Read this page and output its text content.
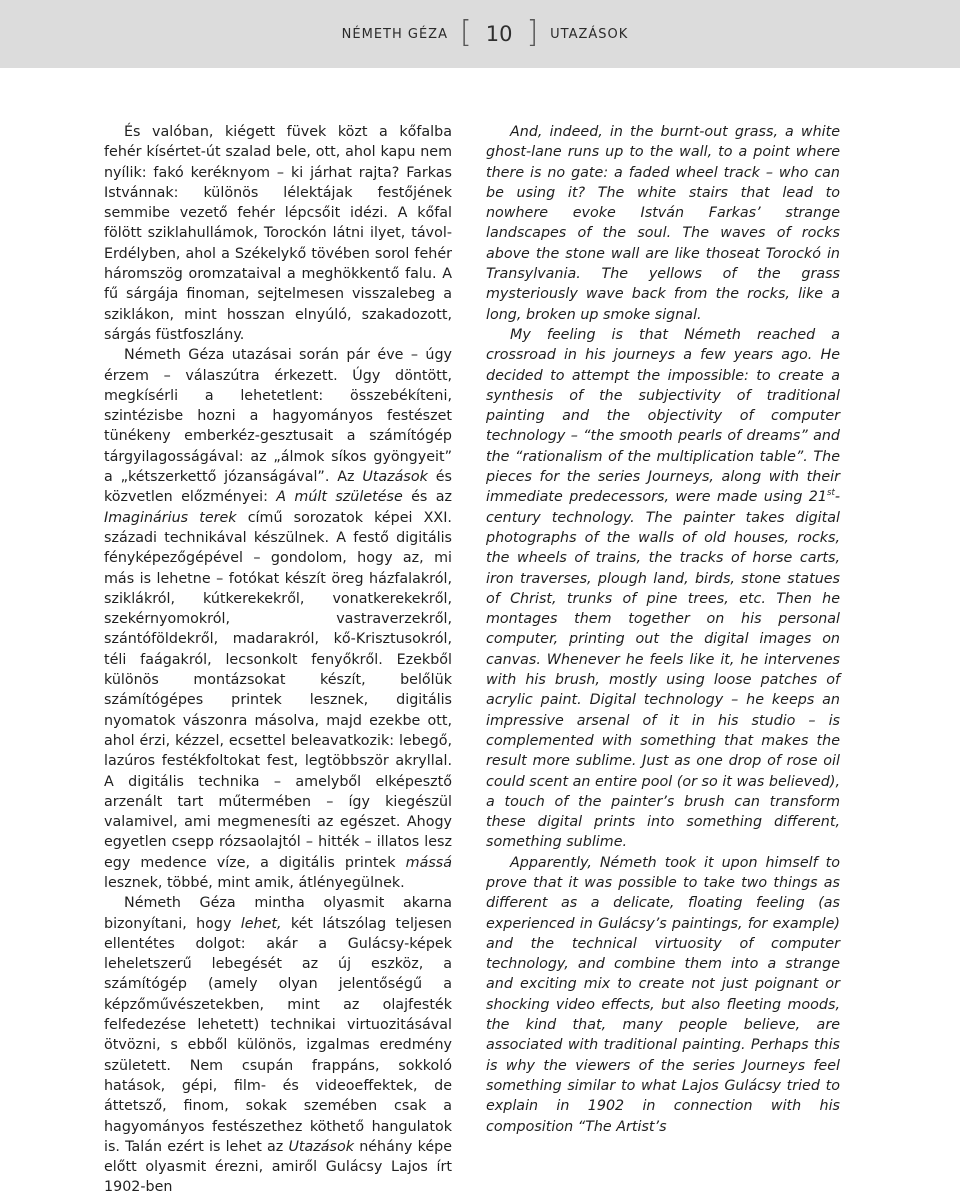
NÉMETH GÉZA [ 10 ] UTAZÁSOK

És valóban, kiégett füvek közt a kőfalba fehér kísértet-út szalad bele, ott, ahol kapu nem nyílik: fakó keréknyom – ki járhat rajta? Farkas Istvánnak: különös lélektájak festőjének semmibe vezető fehér lépcsőit idézi. A kőfal fölött sziklahullámok, Torockón látni ilyet, távol-Erdélyben, ahol a Székelykő tövében sorol fehér háromszög oromzataival a meghökkentő falu. A fű sárgája finoman, sejtelmesen visszalebeg a sziklákon, mint hosszan elnyúló, szakadozott, sárgás füstfoszlány.

Németh Géza utazásai során pár éve – úgy érzem – válaszútra érkezett. Úgy döntött, megkísérli a lehetetlent: összebékíteni, szintézisbe hozni a hagyományos festészet tünékeny emberkéz-gesztusait a számítógép tárgyilagosságával: az „álmok síkos gyöngyeit” a „kétszerkettő józanságával”. Az Utazások és közvetlen előzményei: A múlt születése és az Imaginárius terek című sorozatok képei XXI. századi technikával készülnek. A festő digitális fényképezőgépével – gondolom, hogy az, mi más is lehetne – fotókat készít öreg házfalakról, sziklákról, kútkerekekről, vonatkerekekről, szekérnyomokról, vastraverzekről, szántóföldekről, madarakról, kő-Krisztusokról, téli faágakról, lecsonkolt fenyőkről. Ezekből különös montázsokat készít, belőlük számítógépes printek lesznek, digitális nyomatok vászonra másolva, majd ezekbe ott, ahol érzi, kézzel, ecsettel beleavatkozik: lebegő, lazúros festékfoltokat fest, legtöbbször akryllal. A digitális technika – amelyből elképesztő arzenált tart műtermében – így kiegészül valamivel, ami megmenesíti az egészet. Ahogy egyetlen csepp rózsaolajtól – hitték – illatos lesz egy medence víze, a digitális printek mássá lesznek, többé, mint amik, átlényegülnek.

Németh Géza mintha olyasmit akarna bizonyítani, hogy lehet, két látszólag teljesen ellentétes dolgot: akár a Gulácsy-képek leheletszerű lebegését az új eszköz, a számítógép (amely olyan jelentőségű a képzőművészetekben, mint az olajfesték felfedezése lehetett) technikai virtuozitásával ötvözni, s ebből különös, izgalmas eredmény született. Nem csupán frappáns, sokkoló hatások, gépi, film- és videoeffektek, de áttetsző, finom, sokak szemében csak a hagyományos festészethez köthető hangulatok is. Talán ezért is lehet az Utazások néhány képe előtt olyasmit érezni, amiről Gulácsy Lajos írt 1902-ben

And, indeed, in the burnt-out grass, a white ghost-lane runs up to the wall, to a point where there is no gate: a faded wheel track – who can be using it? The white stairs that lead to nowhere evoke István Farkas’ strange landscapes of the soul. The waves of rocks above the stone wall are like thoseat Torockó in Transylvania. The yellows of the grass mysteriously wave back from the rocks, like a long, broken up smoke signal.

My feeling is that Németh reached a crossroad in his journeys a few years ago. He decided to attempt the impossible: to create a synthesis of the subjectivity of traditional painting and the objectivity of computer technology – “the smooth pearls of dreams” and the “rationalism of the multiplication table”. The pieces for the series Journeys, along with their immediate predecessors, were made using 21st-century technology. The painter takes digital photographs of the walls of old houses, rocks, the wheels of trains, the tracks of horse carts, iron traverses, plough land, birds, stone statues of Christ, trunks of pine trees, etc. Then he montages them together on his personal computer, printing out the digital images on canvas. Whenever he feels like it, he intervenes with his brush, mostly using loose patches of acrylic paint. Digital technology – he keeps an impressive arsenal of it in his studio – is complemented with something that makes the result more sublime. Just as one drop of rose oil could scent an entire pool (or so it was believed), a touch of the painter’s brush can transform these digital prints into something different, something sublime.

Apparently, Németh took it upon himself to prove that it was possible to take two things as different as a delicate, floating feeling (as experienced in Gulácsy’s paintings, for example) and the technical virtuosity of computer technology, and combine them into a strange and exciting mix to create not just poignant or shocking video effects, but also fleeting moods, the kind that, many people believe, are associated with traditional painting. Perhaps this is why the viewers of the series Journeys feel something similar to what Lajos Gulácsy tried to explain in 1902 in connection with his composition “The Artist’s
